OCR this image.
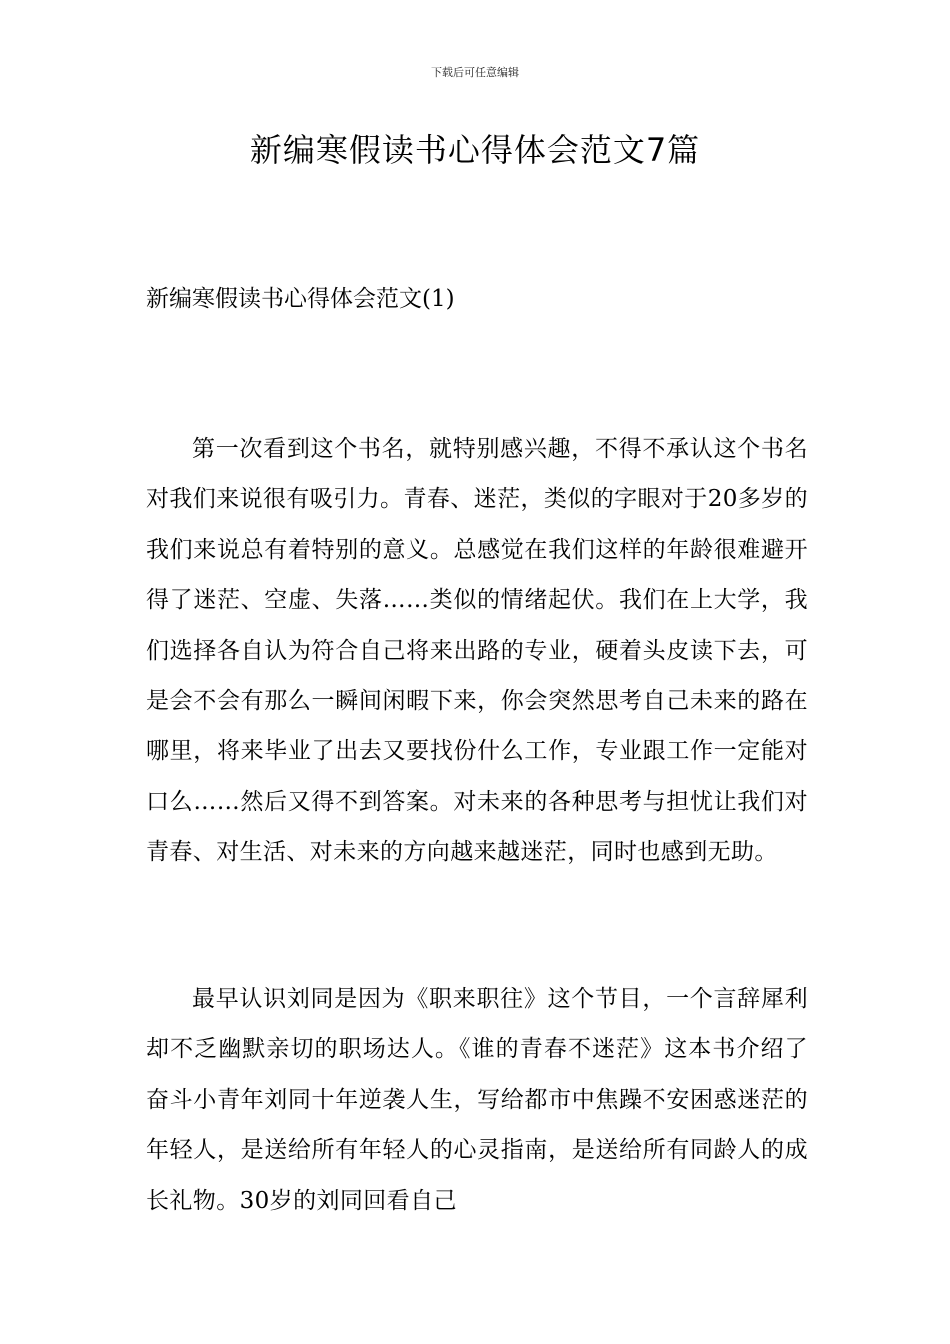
下载后可任意编辑
新编寒假读书心得体会范文7篇
新编寒假读书心得体会范文(1)

第一次看到这个书名，就特别感兴趣，不得不承认这个书名对我们来说很有吸引力。青春、迷茫，类似的字眼对于20多岁的我们来说总有着特别的意义。总感觉在我们这样的年龄很难避开得了迷茫、空虚、失落……类似的情绪起伏。我们在上大学，我们选择各自认为符合自己将来出路的专业，硬着头皮读下去，可是会不会有那么一瞬间闲暇下来，你会突然思考自己未来的路在哪里，将来毕业了出去又要找份什么工作，专业跟工作一定能对口么……然后又得不到答案。对未来的各种思考与担忧让我们对青春、对生活、对未来的方向越来越迷茫，同时也感到无助。

最早认识刘同是因为《职来职往》这个节目，一个言辞犀利却不乏幽默亲切的职场达人。《谁的青春不迷茫》这本书介绍了奋斗小青年刘同十年逆袭人生，写给都市中焦躁不安困惑迷茫的年轻人，是送给所有年轻人的心灵指南，是送给所有同龄人的成长礼物。30岁的刘同回看自己
